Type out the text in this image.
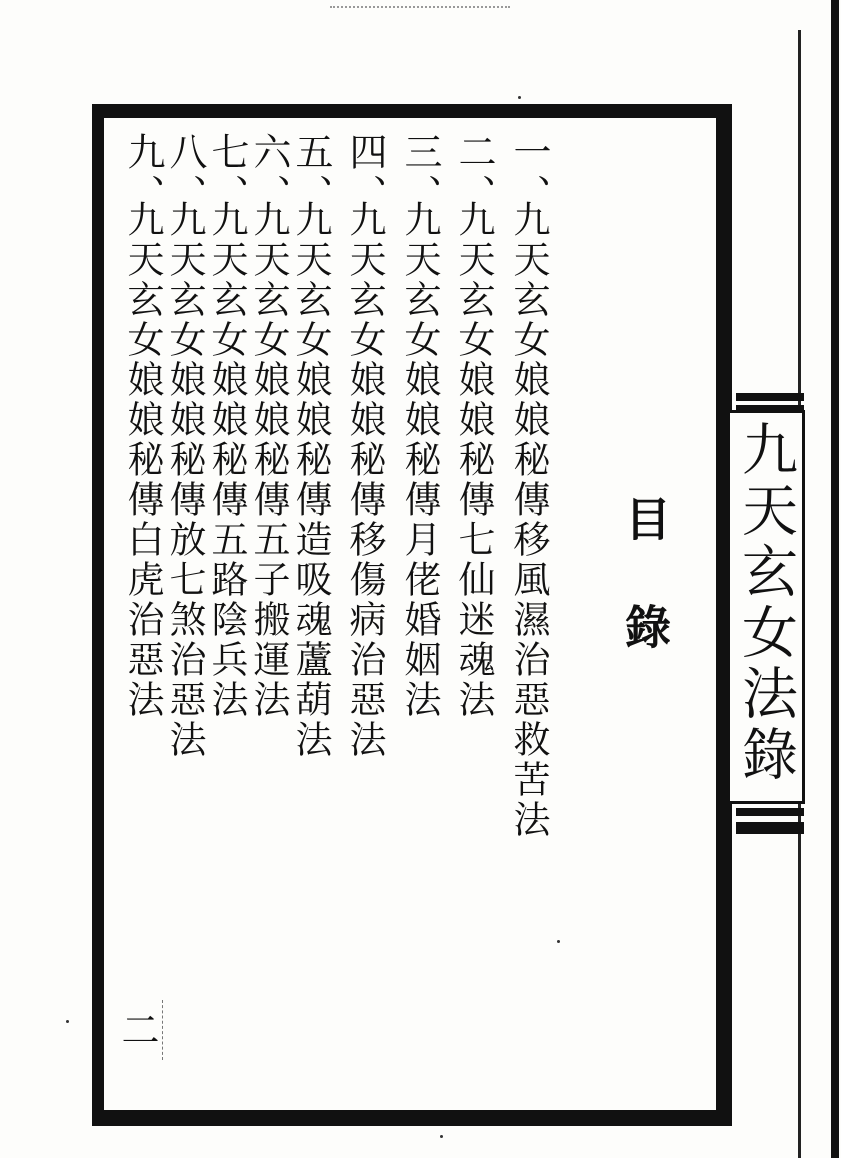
一、
九天玄女娘娘秘傳移風濕治惡救苦法
二、
九天玄女娘娘秘傳七仙迷魂法
三、
九天玄女娘娘秘傳月佬婚姻法
四、
九天玄女娘娘秘傳移傷病治惡法
五、
九天玄女娘娘秘傳造吸魂蘆葫法
六、
九天玄女娘娘秘傳五子搬運法
七、
九天玄女娘娘秘傳五路陰兵法
八、
九天玄女娘娘秘傳放七煞治惡法
九、
九天玄女娘娘秘傳白虎治惡法	目錄
二
九天玄女法錄
